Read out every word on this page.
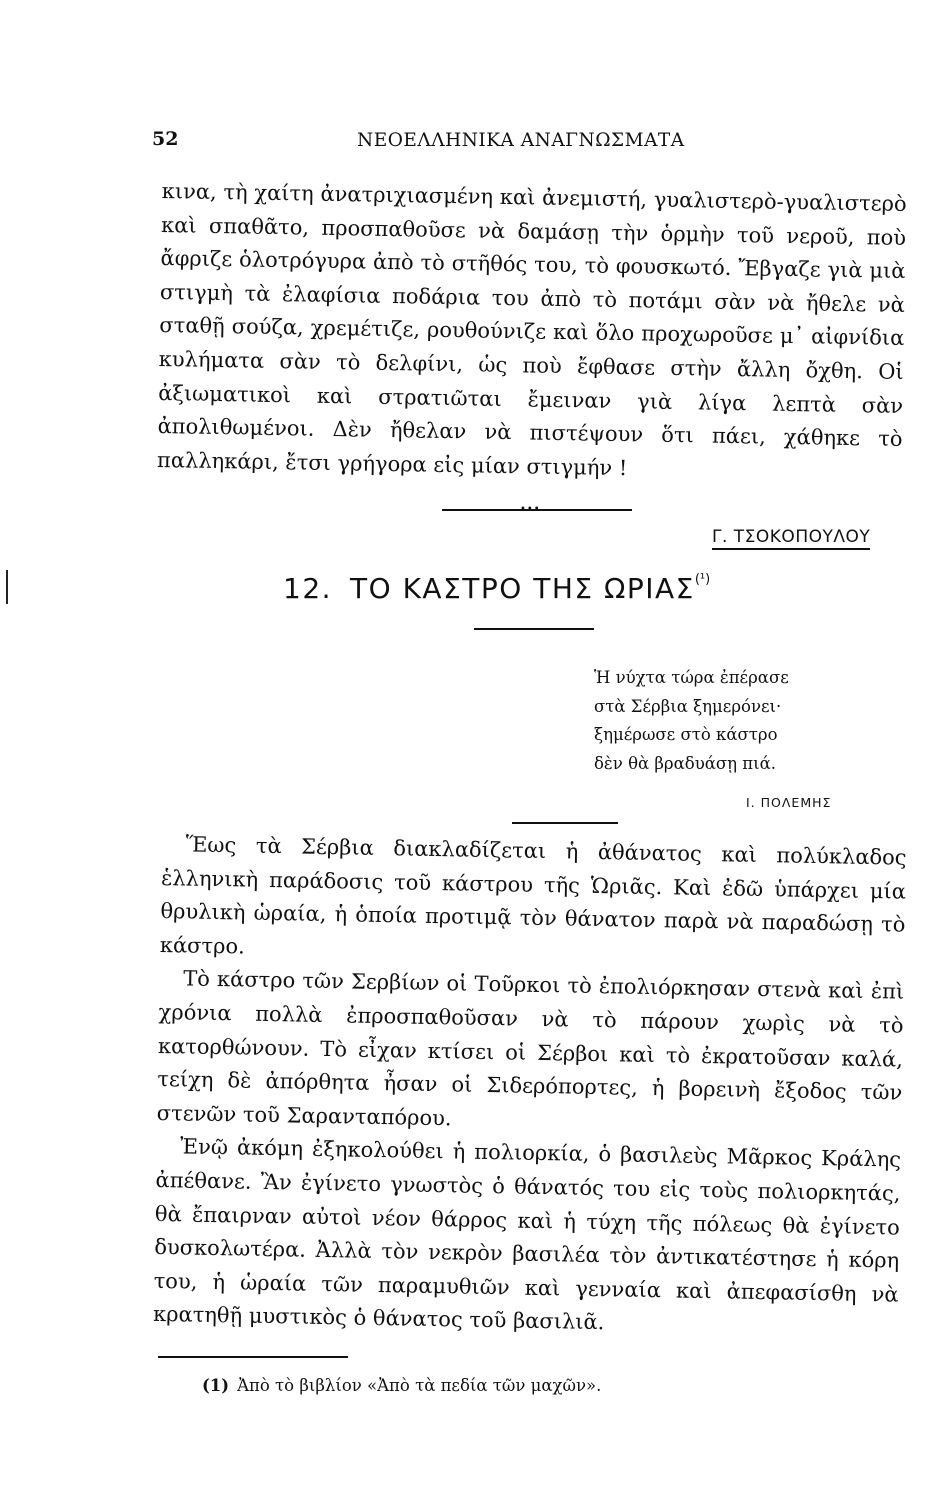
52	ΝΕΟΕΛΛΗΝΙΚΑ ΑΝΑΓΝΩΣΜΑΤΑ

κινα, τὴ χαίτη ἀνατριχιασμένη καὶ ἀνεμιστή, γυαλιστερὸ-γυαλιστερὸ καὶ σπαθᾶτο, προσπαθοῦσε νὰ δαμάσῃ τὴν ὁρμὴν τοῦ νεροῦ, ποὺ ἄφριζε ὁλοτρόγυρα ἀπὸ τὸ στῆθός του, τὸ φουσκωτό. Ἔβγαζε γιὰ μιὰ στιγμὴ τὰ ἐλαφίσια ποδάρια του ἀπὸ τὸ ποτάμι σὰν νὰ ἤθελε νὰ σταθῇ σούζα, χρεμέτιζε, ρουθούνιζε καὶ ὅλο προχωροῦσε μ᾽ αἰφνίδια κυλήματα σὰν τὸ δελφίνι, ὡς ποὺ ἔφθασε στὴν ἄλλη ὄχθη. Οἱ ἀξιωματικοὶ καὶ στρατιῶται ἔμειναν γιὰ λίγα λεπτὰ σὰν ἀπολιθωμένοι. Δὲν ἤθελαν νὰ πιστέψουν ὅτι πάει, χάθηκε τὸ παλληκάρι, ἔτσι γρήγορα εἰς μίαν στιγμήν !

•••
Γ. ΤΣΟΚΟΠΟΥΛΟΥ
12. ΤΟ ΚΑΣΤΡΟ ΤΗΣ $\Omega PIA\Sigma^{(^1)}$
Ἡ νύχτα τώρα ἐπέρασε
στὰ Σέρβια ξημερόνει·
ξημέρωσε στὸ κάστρο
δὲν θὰ βραδυάσῃ πιά.
Ι. ΠΟΛΕΜΗΣ

Ἕως τὰ Σέρβια διακλαδίζεται ἡ ἀθάνατος καὶ πολύκλαδος ἑλληνικὴ παράδοσις τοῦ κάστρου τῆς Ὡριᾶς. Καὶ ἐδῶ ὑπάρχει μία θρυλικὴ ὡραία, ἡ ὁποία προτιμᾷ τὸν θάνατον παρὰ νὰ παραδώσῃ τὸ κάστρο.

Τὸ κάστρο τῶν Σερβίων οἱ Τοῦρκοι τὸ ἐπολιόρκησαν στενὰ καὶ ἐπὶ χρόνια πολλὰ ἐπροσπαθοῦσαν νὰ τὸ πάρουν χωρὶς νὰ τὸ κατορθώνουν. Τὸ εἶχαν κτίσει οἱ Σέρβοι καὶ τὸ ἐκρατοῦσαν καλά, τείχη δὲ ἀπόρθητα ἦσαν οἱ Σιδερόπορτες, ἡ βορεινὴ ἔξοδος τῶν στενῶν τοῦ Σαρανταπόρου.

Ἐνῷ ἀκόμη ἐξηκολούθει ἡ πολιορκία, ὁ βασιλεὺς Μᾶρκος Κράλης ἀπέθανε. Ἂν ἐγίνετο γνωστὸς ὁ θάνατός του εἰς τοὺς πολιορκητάς, θὰ ἔπαιρναν αὐτοὶ νέον θάρρος καὶ ἡ τύχη τῆς πόλεως θὰ ἐγίνετο δυσκολωτέρα. Ἀλλὰ τὸν νεκρὸν βασιλέα τὸν ἀντικατέστησε ἡ κόρη του, ἡ ὡραία τῶν παραμυθιῶν καὶ γενναία καὶ ἀπεφασίσθη νὰ κρατηθῇ μυστικὸς ὁ θάνατος τοῦ βασιλιᾶ.

(1) Ἀπὸ τὸ βιβλίον «Ἀπὸ τὰ πεδία τῶν μαχῶν».
